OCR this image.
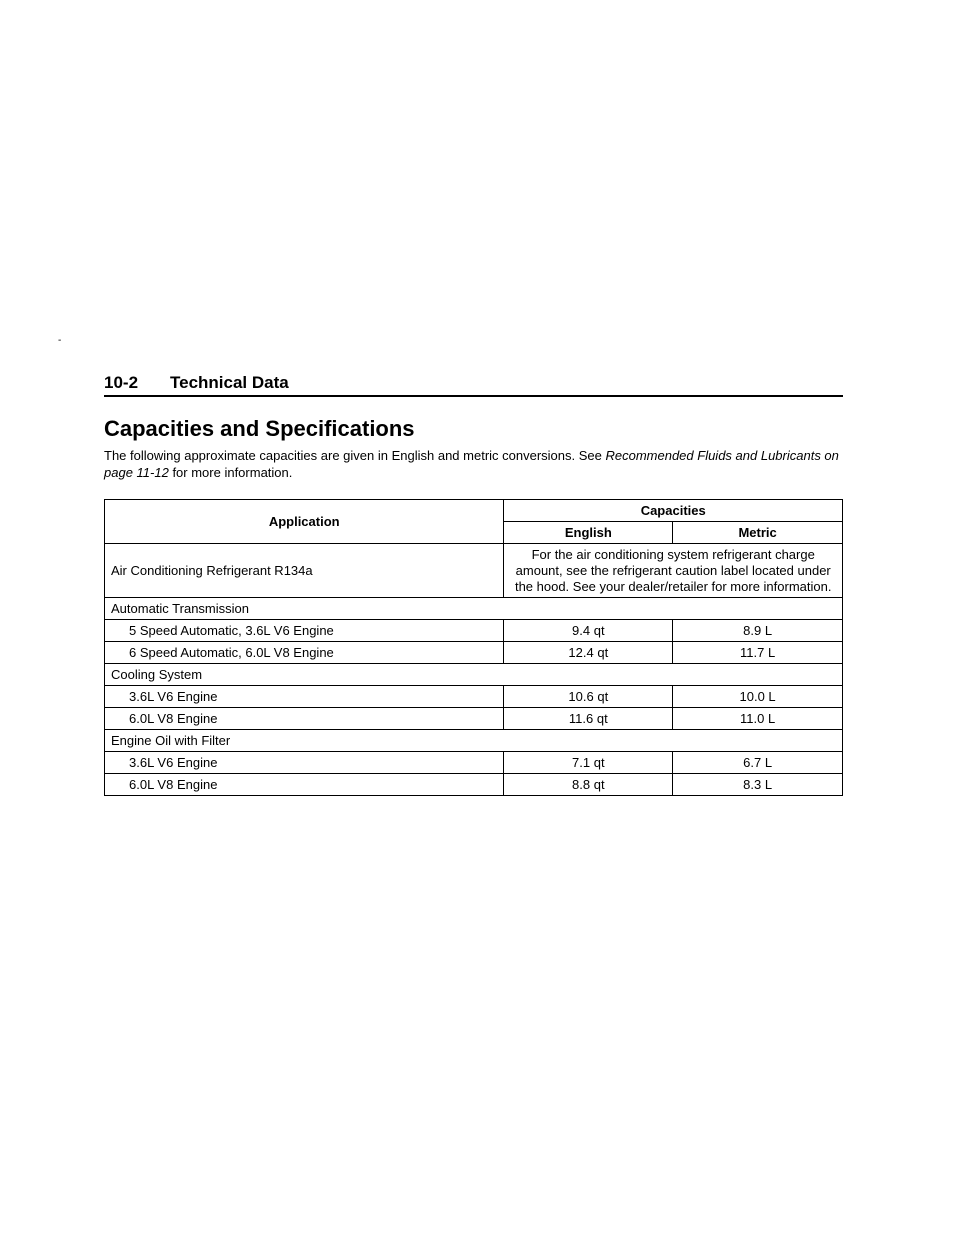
-
10-2 Technical Data
Capacities and Specifications

The following approximate capacities are given in English and metric conversions. See Recommended Fluids and Lubricants on page 11-12 for more information.

Application	Capacities	
	English	Metric
Air Conditioning Refrigerant R134a	For the air conditioning system refrigerant charge amount, see the refrigerant caution label located under the hood. See your dealer/retailer for more information.	
Automatic Transmission		
5 Speed Automatic, 3.6L V6 Engine	9.4 qt	8.9 L
6 Speed Automatic, 6.0L V8 Engine	12.4 qt	11.7 L
Cooling System		
3.6L V6 Engine	10.6 qt	10.0 L
6.0L V8 Engine	11.6 qt	11.0 L
Engine Oil with Filter		
3.6L V6 Engine	7.1 qt	6.7 L
6.0L V8 Engine	8.8 qt	8.3 L
